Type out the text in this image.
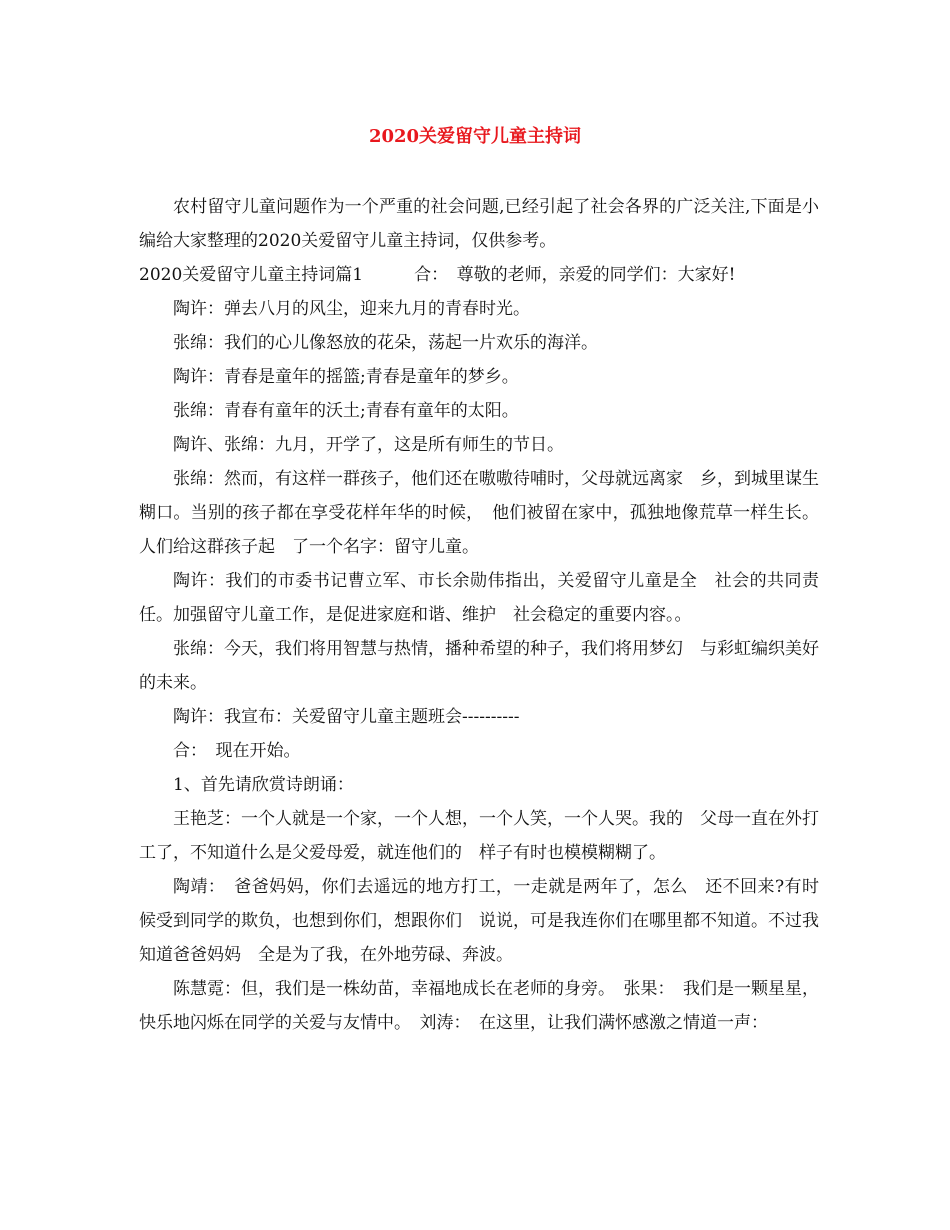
2020关爱留守儿童主持词

农村留守儿童问题作为一个严重的社会问题,已经引起了社会各界的广泛关注,下面是小编给大家整理的2020关爱留守儿童主持词，仅供参考。

2020关爱留守儿童主持词篇1　　　合：　尊敬的老师，亲爱的同学们：大家好!

陶许：弹去八月的风尘，迎来九月的青春时光。

张绵：我们的心儿像怒放的花朵，荡起一片欢乐的海洋。

陶许：青春是童年的摇篮;青春是童年的梦乡。

张绵：青春有童年的沃土;青春有童年的太阳。

陶许、张绵：九月，开学了，这是所有师生的节日。

张绵：然而，有这样一群孩子，他们还在嗷嗷待哺时，父母就远离家　乡，到城里谋生糊口。当别的孩子都在享受花样年华的时候，　他们被留在家中，孤独地像荒草一样生长。人们给这群孩子起　了一个名字：留守儿童。

陶许：我们的市委书记曹立军、市长余勋伟指出，关爱留守儿童是全　社会的共同责任。加强留守儿童工作，是促进家庭和谐、维护　社会稳定的重要内容。。

张绵：今天，我们将用智慧与热情，播种希望的种子，我们将用梦幻　与彩虹编织美好的未来。

陶许：我宣布：关爱留守儿童主题班会----------

合：　现在开始。

1、首先请欣赏诗朗诵：

王艳芝：一个人就是一个家，一个人想，一个人笑，一个人哭。我的　父母一直在外打工了，不知道什么是父爱母爱，就连他们的　样子有时也模模糊糊了。

陶靖：　爸爸妈妈，你们去遥远的地方打工，一走就是两年了，怎么　还不回来?有时候受到同学的欺负，也想到你们，想跟你们　说说，可是我连你们在哪里都不知道。不过我知道爸爸妈妈　全是为了我，在外地劳碌、奔波。

陈慧霓：但，我们是一株幼苗，幸福地成长在老师的身旁。　张果：　我们是一颗星星，快乐地闪烁在同学的关爱与友情中。　刘涛：　在这里，让我们满怀感激之情道一声：
